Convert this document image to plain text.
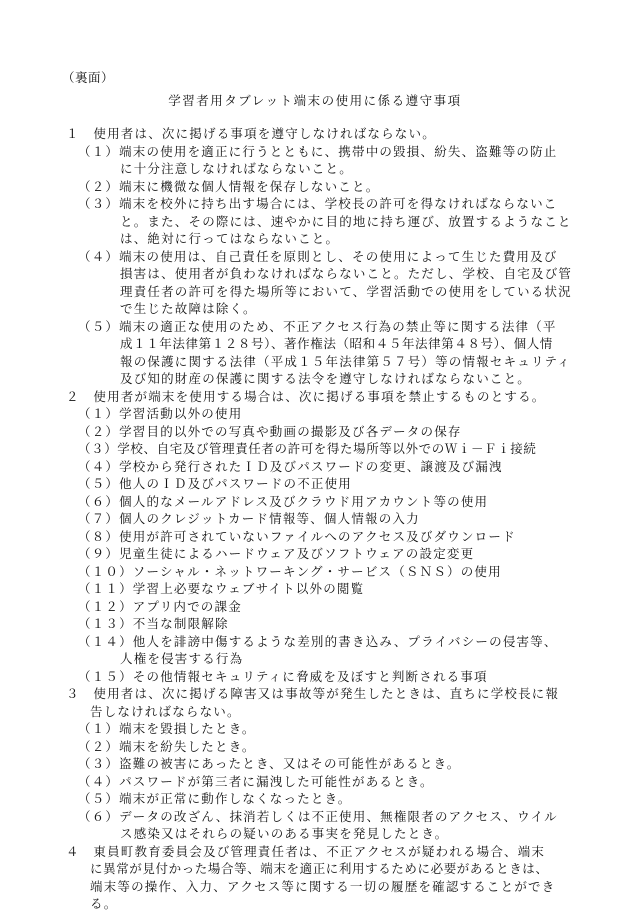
（裏面）
学習者用タブレット端末の使用に係る遵守事項
１　使用者は、次に掲げる事項を遵守しなければならない。
（１）端末の使用を適正に行うとともに、携帯中の毀損、紛失、盗難等の防止
に十分注意しなければならないこと。
（２）端末に機微な個人情報を保存しないこと。
（３）端末を校外に持ち出す場合には、学校長の許可を得なければならないこ
と。また、その際には、速やかに目的地に持ち運び、放置するようなこと
は、絶対に行ってはならないこと。
（４）端末の使用は、自己責任を原則とし、その使用によって生じた費用及び
損害は、使用者が負わなければならないこと。ただし、学校、自宅及び管
理責任者の許可を得た場所等において、学習活動での使用をしている状況
で生じた故障は除く。
（５）端末の適正な使用のため、不正アクセス行為の禁止等に関する法律（平
成１１年法律第１２８号）、著作権法（昭和４５年法律第４８号）、個人情
報の保護に関する法律（平成１５年法律第５７号）等の情報セキュリティ
及び知的財産の保護に関する法令を遵守しなければならないこと。
２　使用者が端末を使用する場合は、次に掲げる事項を禁止するものとする。
（１）学習活動以外の使用
（２）学習目的以外での写真や動画の撮影及び各データの保存
（３）学校、自宅及び管理責任者の許可を得た場所等以外でのＷｉ－Ｆｉ接続
（４）学校から発行されたＩＤ及びパスワードの変更、譲渡及び漏洩
（５）他人のＩＤ及びパスワードの不正使用
（６）個人的なメールアドレス及びクラウド用アカウント等の使用
（７）個人のクレジットカード情報等、個人情報の入力
（８）使用が許可されていないファイルへのアクセス及びダウンロード
（９）児童生徒によるハードウェア及びソフトウェアの設定変更
（１０）ソーシャル・ネットワーキング・サービス（ＳＮＳ）の使用
（１１）学習上必要なウェブサイト以外の閲覧
（１２）アプリ内での課金
（１３）不当な制限解除
（１４）他人を誹謗中傷するような差別的書き込み、プライバシーの侵害等、
人権を侵害する行為
（１５）その他情報セキュリティに脅威を及ぼすと判断される事項
３　使用者は、次に掲げる障害又は事故等が発生したときは、直ちに学校長に報
告しなければならない。
（１）端末を毀損したとき。
（２）端末を紛失したとき。
（３）盗難の被害にあったとき、又はその可能性があるとき。
（４）パスワードが第三者に漏洩した可能性があるとき。
（５）端末が正常に動作しなくなったとき。
（６）データの改ざん、抹消若しくは不正使用、無権限者のアクセス、ウイル
ス感染又はそれらの疑いのある事実を発見したとき。
４　東員町教育委員会及び管理責任者は、不正アクセスが疑われる場合、端末
に異常が見付かった場合等、端末を適正に利用するために必要があるときは、
端末等の操作、入力、アクセス等に関する一切の履歴を確認することができ
る。
